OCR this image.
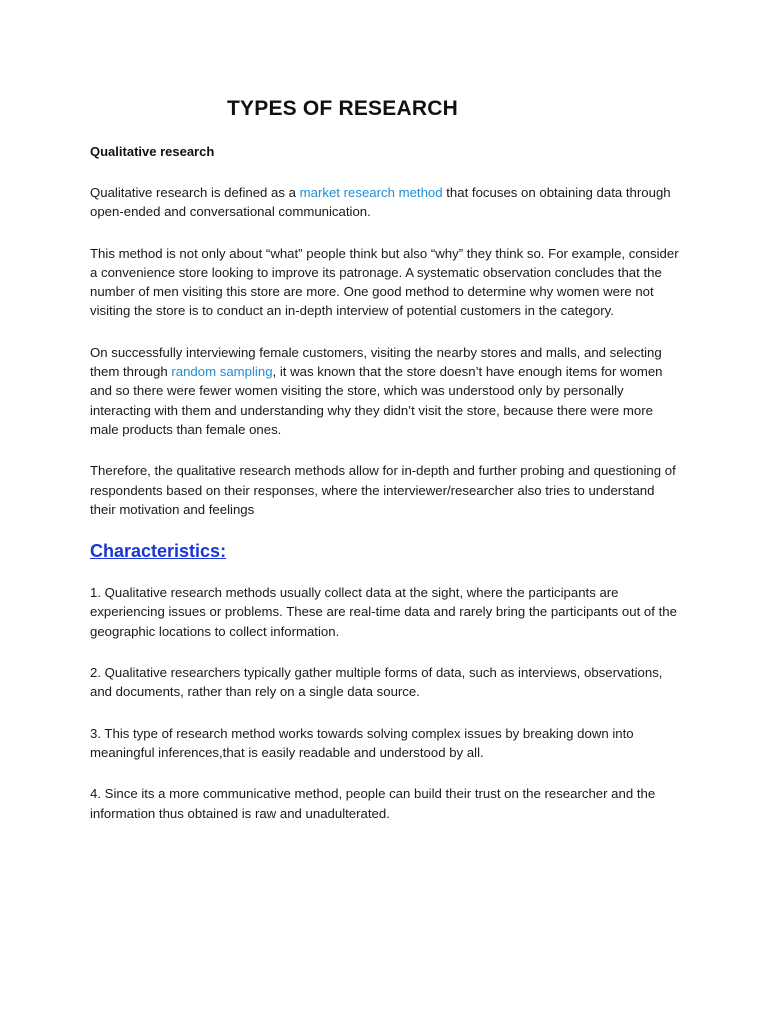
TYPES OF RESEARCH
Qualitative research

Qualitative research is defined as a market research method that focuses on obtaining data through open-ended and conversational communication.

This method is not only about “what” people think but also “why” they think so. For example, consider a convenience store looking to improve its patronage. A systematic observation concludes that the number of men visiting this store are more. One good method to determine why women were not visiting the store is to conduct an in-depth interview of potential customers in the category.

On successfully interviewing female customers, visiting the nearby stores and malls, and selecting them through random sampling, it was known that the store doesn’t have enough items for women and so there were fewer women visiting the store, which was understood only by personally interacting with them and understanding why they didn’t visit the store, because there were more male products than female ones.

Therefore, the qualitative research methods allow for in-depth and further probing and questioning of respondents based on their responses, where the interviewer/researcher also tries to understand their motivation and feelings

Characteristics:

1. Qualitative research methods usually collect data at the sight, where the participants are experiencing issues or problems. These are real-time data and rarely bring the participants out of the geographic locations to collect information.

2. Qualitative researchers typically gather multiple forms of data, such as interviews, observations, and documents, rather than rely on a single data source.

3. This type of research method works towards solving complex issues by breaking down into meaningful inferences,that is easily readable and understood by all.

4. Since its a more communicative method, people can build their trust on the researcher and the information thus obtained is raw and unadulterated.
